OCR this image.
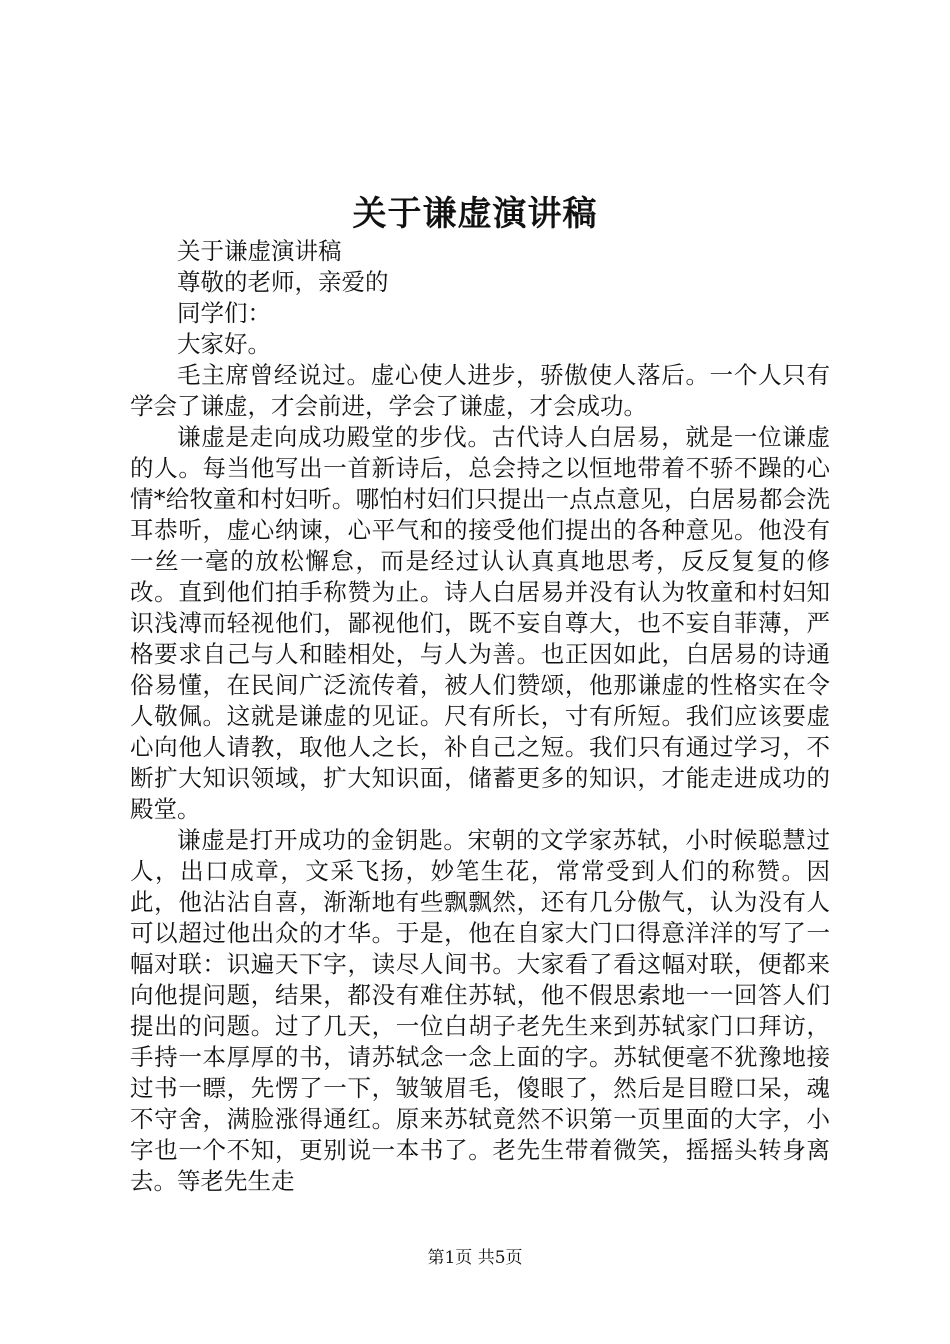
关于谦虚演讲稿

关于谦虚演讲稿

尊敬的老师，亲爱的

同学们：

大家好。

毛主席曾经说过。虚心使人进步，骄傲使人落后。一个人只有学会了谦虚，才会前进，学会了谦虚，才会成功。

谦虚是走向成功殿堂的步伐。古代诗人白居易，就是一位谦虚的人。每当他写出一首新诗后，总会持之以恒地带着不骄不躁的心情*给牧童和村妇听。哪怕村妇们只提出一点点意见，白居易都会洗耳恭听，虚心纳谏，心平气和的接受他们提出的各种意见。他没有一丝一毫的放松懈怠，而是经过认认真真地思考，反反复复的修改。直到他们拍手称赞为止。诗人白居易并没有认为牧童和村妇知识浅溥而轻视他们，鄙视他们，既不妄自尊大，也不妄自菲薄，严格要求自己与人和睦相处，与人为善。也正因如此，白居易的诗通俗易懂，在民间广泛流传着，被人们赞颂，他那谦虚的性格实在令人敬佩。这就是谦虚的见证。尺有所长，寸有所短。我们应该要虚心向他人请教，取他人之长，补自己之短。我们只有通过学习，不断扩大知识领域，扩大知识面，储蓄更多的知识，才能走进成功的殿堂。

谦虚是打开成功的金钥匙。宋朝的文学家苏轼，小时候聪慧过人，出口成章，文采飞扬，妙笔生花，常常受到人们的称赞。因此，他沾沾自喜，渐渐地有些飘飘然，还有几分傲气，认为没有人可以超过他出众的才华。于是，他在自家大门口得意洋洋的写了一幅对联：识遍天下字，读尽人间书。大家看了看这幅对联，便都来向他提问题，结果，都没有难住苏轼，他不假思索地一一回答人们提出的问题。过了几天，一位白胡子老先生来到苏轼家门口拜访，手持一本厚厚的书，请苏轼念一念上面的字。苏轼便毫不犹豫地接过书一瞟，先愣了一下，皱皱眉毛，傻眼了，然后是目瞪口呆，魂不守舍，满脸涨得通红。原来苏轼竟然不识第一页里面的大字，小字也一个不知，更别说一本书了。老先生带着微笑，摇摇头转身离去。等老先生走

第1页 共5页
